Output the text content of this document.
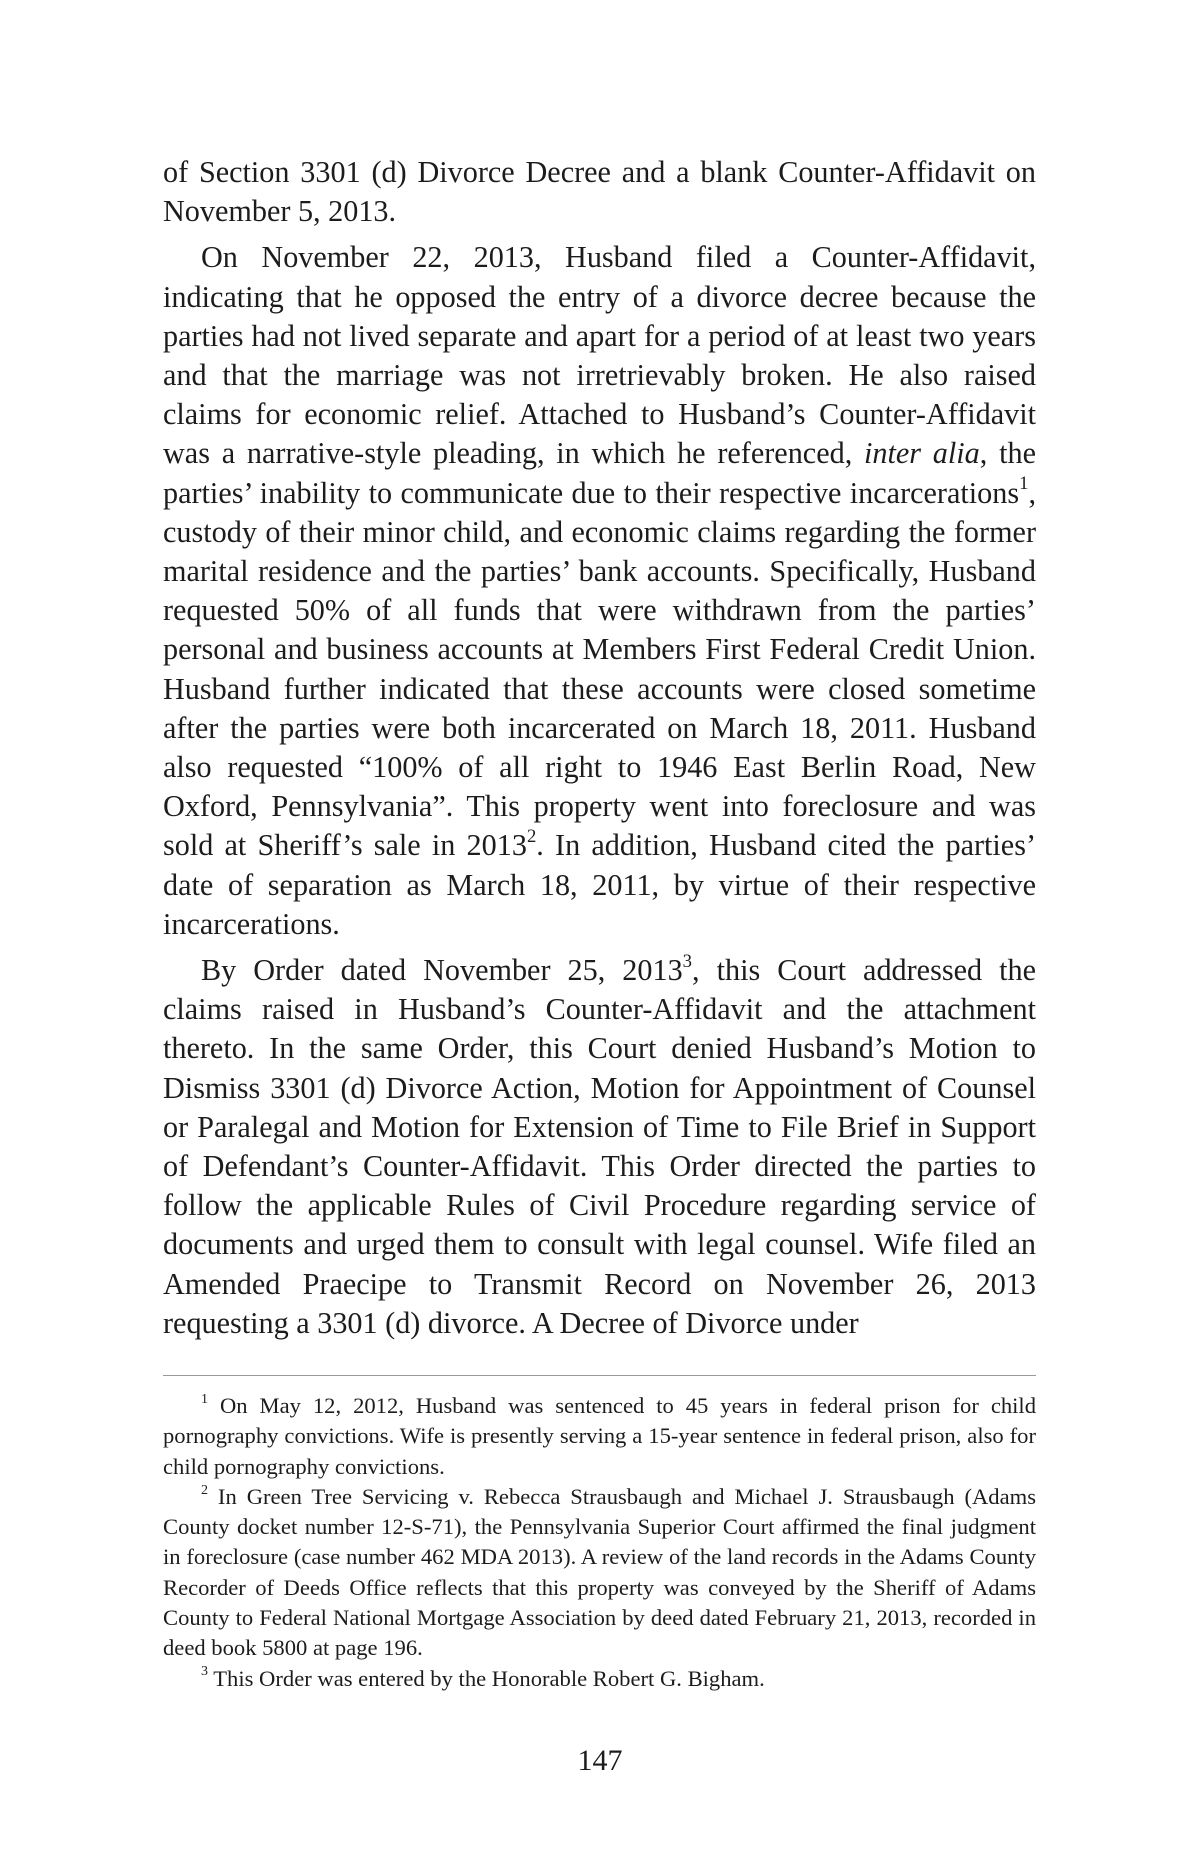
of Section 3301 (d) Divorce Decree and a blank Counter-Affidavit on November 5, 2013.

On November 22, 2013, Husband filed a Counter-Affidavit, indicating that he opposed the entry of a divorce decree because the parties had not lived separate and apart for a period of at least two years and that the marriage was not irretrievably broken. He also raised claims for economic relief. Attached to Husband’s Counter-Affidavit was a narrative-style pleading, in which he referenced, inter alia, the parties’ inability to communicate due to their respective incarcerations$^1$, custody of their minor child, and economic claims regarding the former marital residence and the parties’ bank accounts. Specifically, Husband requested 50% of all funds that were withdrawn from the parties’ personal and business accounts at Members First Federal Credit Union. Husband further indicated that these accounts were closed sometime after the parties were both incarcerated on March 18, 2011. Husband also requested “100% of all right to 1946 East Berlin Road, New Oxford, Pennsylvania”. This property went into foreclosure and was sold at Sheriff’s sale in 2013$^2$. In addition, Husband cited the parties’ date of separation as March 18, 2011, by virtue of their respective incarcerations.

By Order dated November 25, 2013$^3$, this Court addressed the claims raised in Husband’s Counter-Affidavit and the attachment thereto. In the same Order, this Court denied Husband’s Motion to Dismiss 3301 (d) Divorce Action, Motion for Appointment of Counsel or Paralegal and Motion for Extension of Time to File Brief in Support of Defendant’s Counter-Affidavit. This Order directed the parties to follow the applicable Rules of Civil Procedure regarding service of documents and urged them to consult with legal counsel. Wife filed an Amended Praecipe to Transmit Record on November 26, 2013 requesting a 3301 (d) divorce. A Decree of Divorce under

$^1$ On May 12, 2012, Husband was sentenced to 45 years in federal prison for child pornography convictions. Wife is presently serving a 15-year sentence in federal prison, also for child pornography convictions.

$^2$ In Green Tree Servicing v. Rebecca Strausbaugh and Michael J. Strausbaugh (Adams County docket number 12-S-71), the Pennsylvania Superior Court affirmed the final judgment in foreclosure (case number 462 MDA 2013). A review of the land records in the Adams County Recorder of Deeds Office reflects that this property was conveyed by the Sheriff of Adams County to Federal National Mortgage Association by deed dated February 21, 2013, recorded in deed book 5800 at page 196.

$^3$ This Order was entered by the Honorable Robert G. Bigham.

147
